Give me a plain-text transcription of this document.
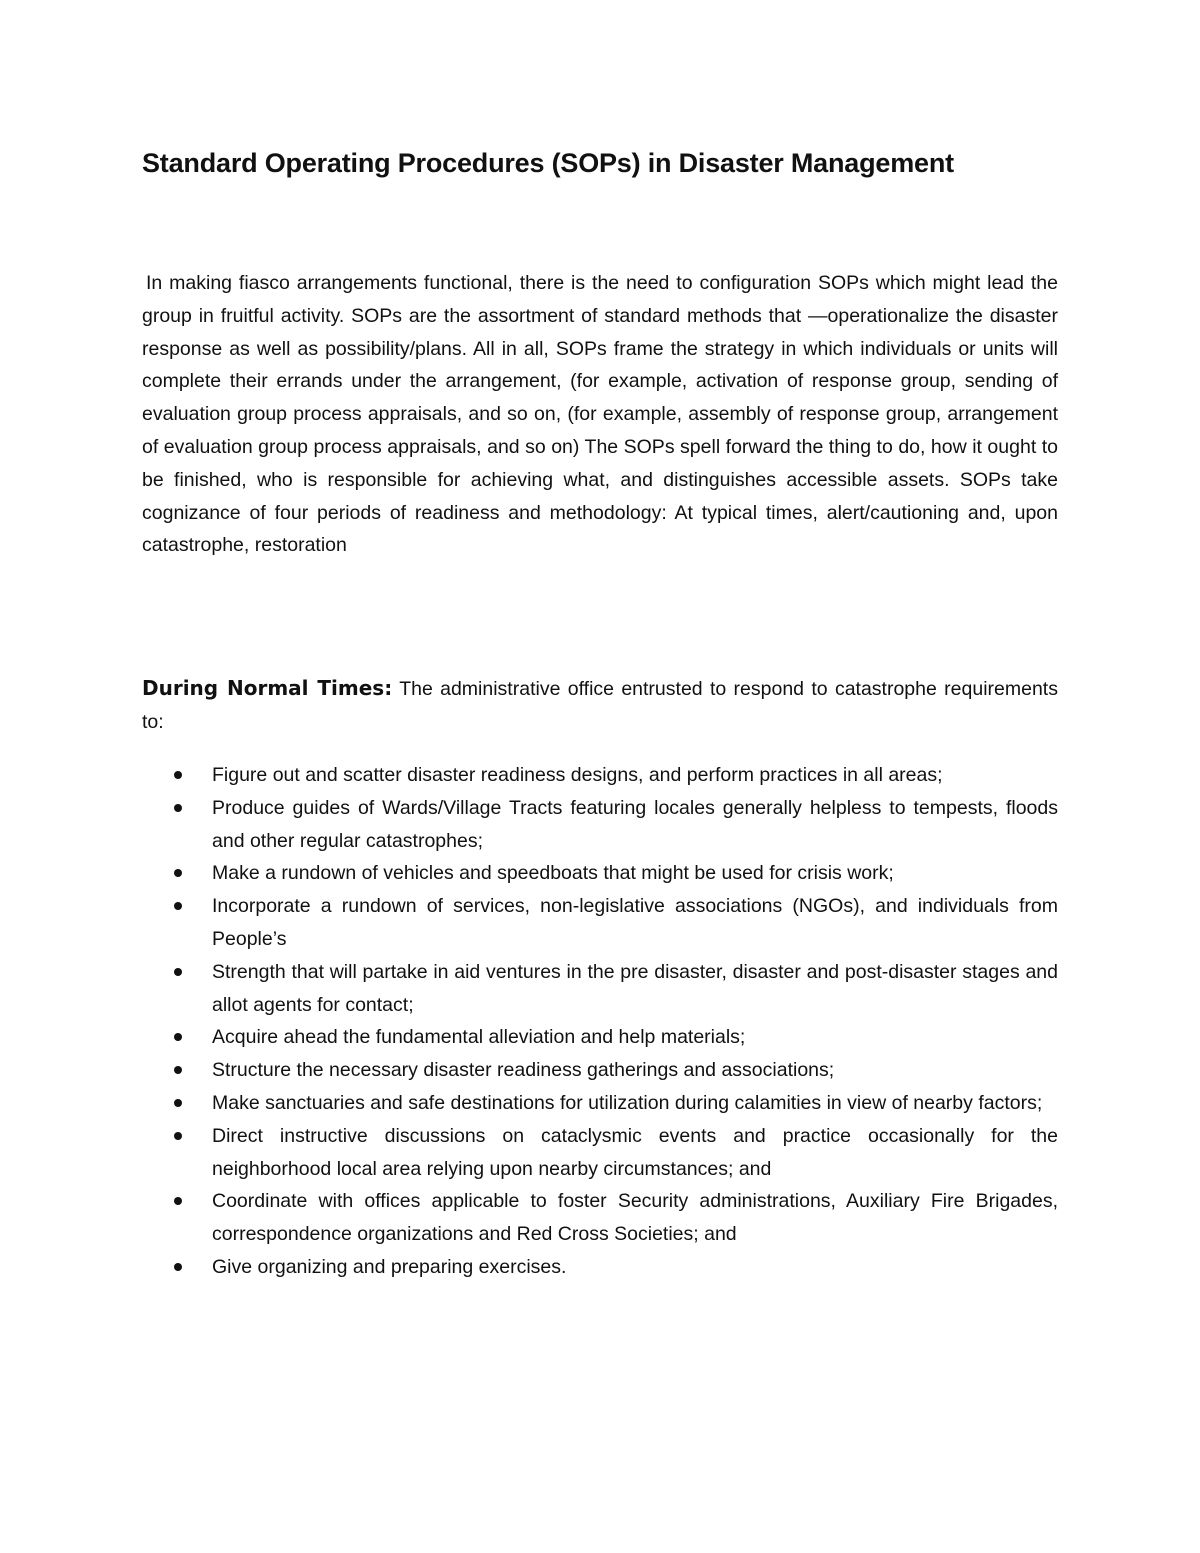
Standard Operating Procedures (SOPs) in Disaster Management

In making fiasco arrangements functional, there is the need to configuration SOPs which might lead the group in fruitful activity. SOPs are the assortment of standard methods that —operationalize the disaster response as well as possibility/plans. All in all, SOPs frame the strategy in which individuals or units will complete their errands under the arrangement, (for example, activation of response group, sending of evaluation group process appraisals, and so on, (for example, assembly of response group, arrangement of evaluation group process appraisals, and so on) The SOPs spell forward the thing to do, how it ought to be finished, who is responsible for achieving what, and distinguishes accessible assets. SOPs take cognizance of four periods of readiness and methodology: At typical times, alert/cautioning and, upon catastrophe, restoration

During Normal Times: The administrative office entrusted to respond to catastrophe requirements to:

Figure out and scatter disaster readiness designs, and perform practices in all areas;
Produce guides of Wards/Village Tracts featuring locales generally helpless to tempests, floods and other regular catastrophes;
Make a rundown of vehicles and speedboats that might be used for crisis work;
Incorporate a rundown of services, non-legislative associations (NGOs), and individuals from People’s
Strength that will partake in aid ventures in the pre disaster, disaster and post-disaster stages and allot agents for contact;
Acquire ahead the fundamental alleviation and help materials;
Structure the necessary disaster readiness gatherings and associations;
Make sanctuaries and safe destinations for utilization during calamities in view of nearby factors;
Direct instructive discussions on cataclysmic events and practice occasionally for the neighborhood local area relying upon nearby circumstances; and
Coordinate with offices applicable to foster Security administrations, Auxiliary Fire Brigades, correspondence organizations and Red Cross Societies; and
Give organizing and preparing exercises.
